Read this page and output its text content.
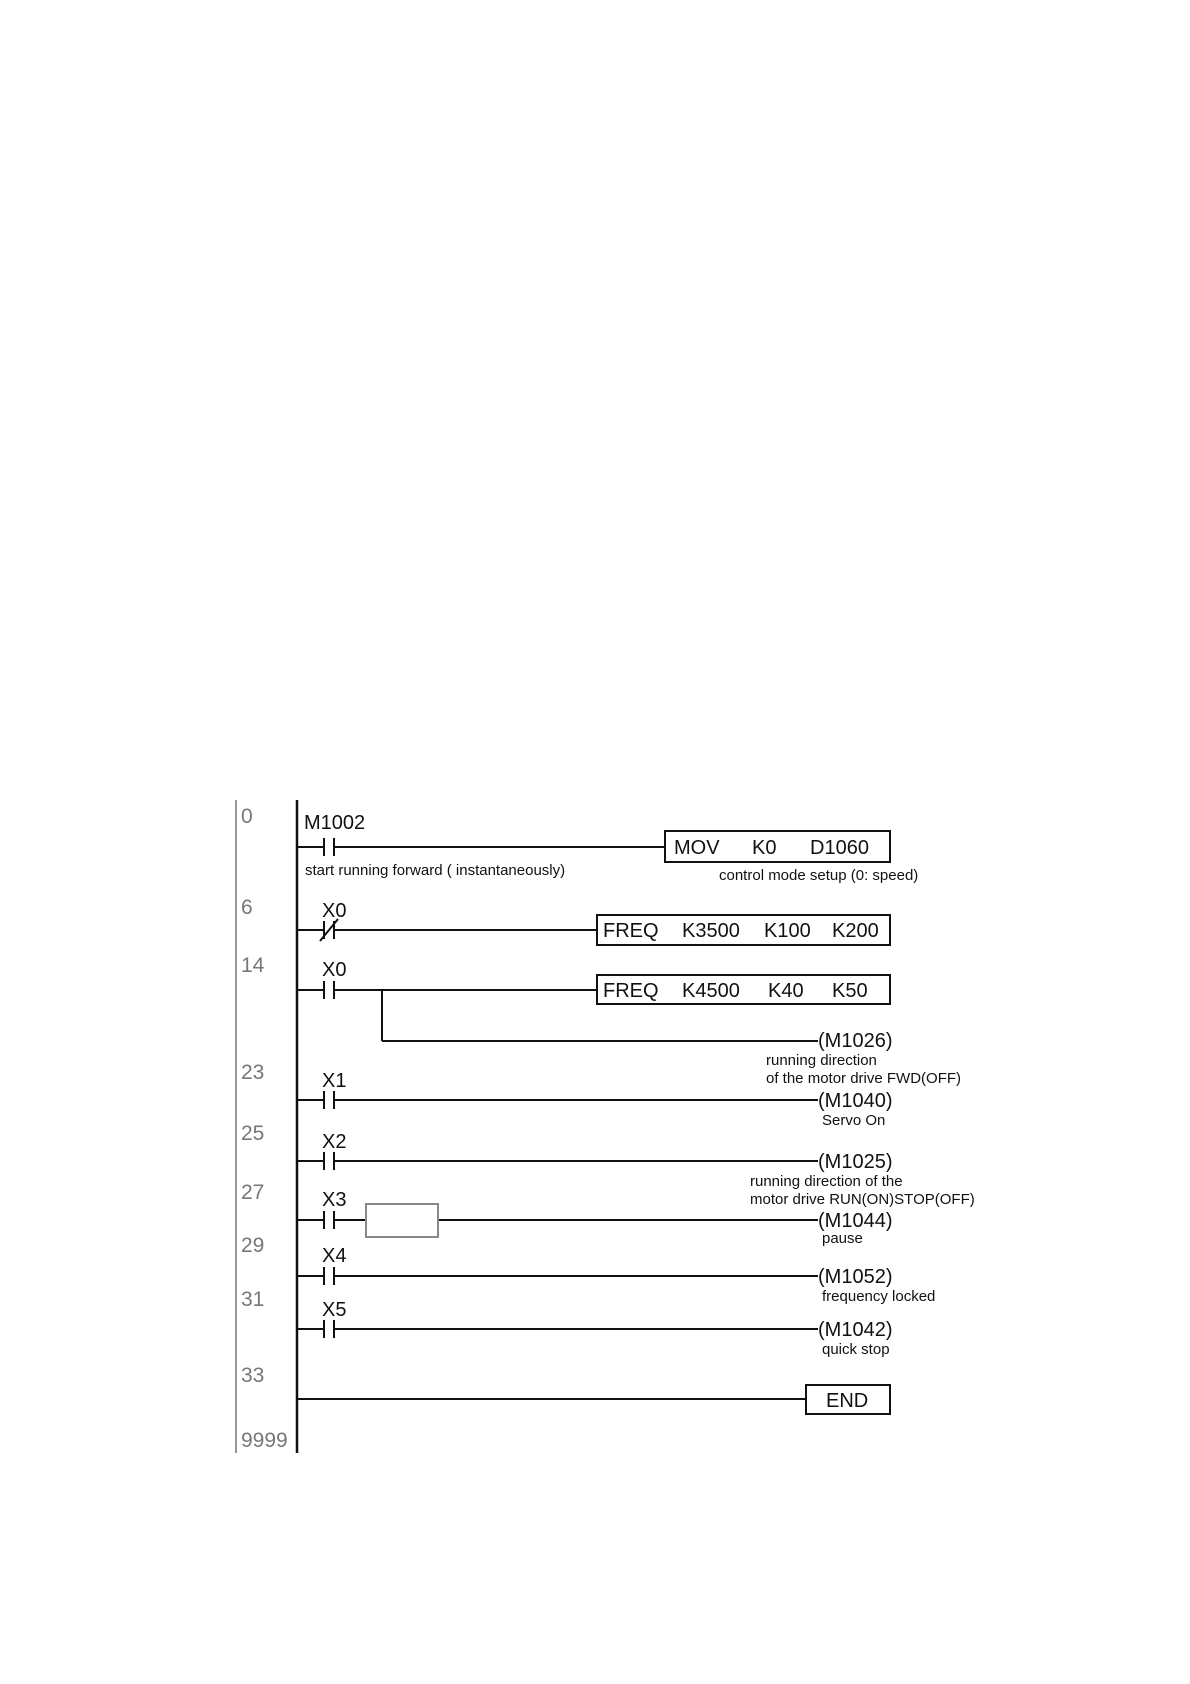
0
6
14
23
25
27
29
31
33
9999
M1002
start running forward ( instantaneously)
MOV K0 D1060
control mode setup (0: speed)
X0
FREQ K3500 K100 K200
X0
FREQ K4500 K40 K50
(M1026)
running direction
of the motor drive FWD(OFF)
X1
(M1040)
Servo On
X2
(M1025)
running direction of the
motor drive RUN(ON)STOP(OFF)
X3
(M1044)
pause
X4
(M1052)
frequency locked
X5
(M1042)
quick stop
END
